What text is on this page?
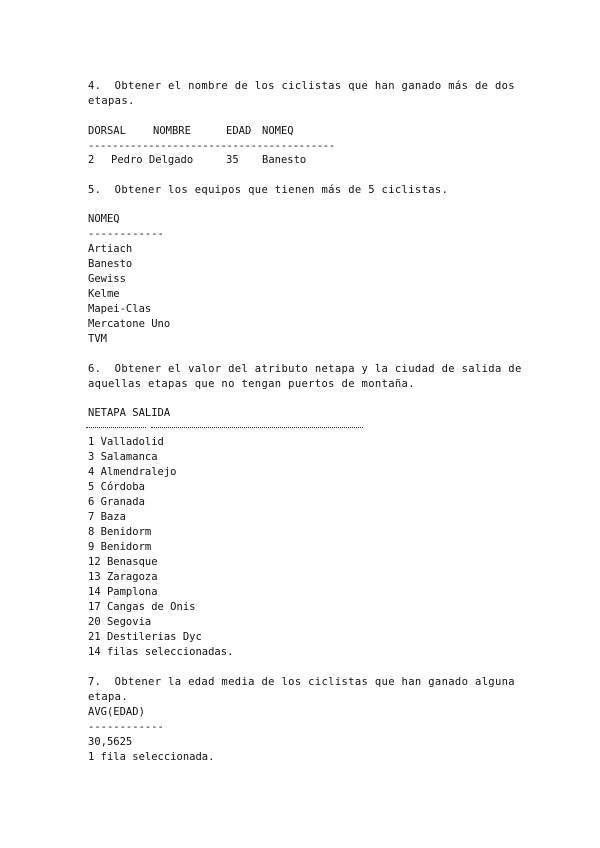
4.  Obtener el nombre de los ciclistas que han ganado más de dos
etapas.
DORSAL	NOMBRE	EDAD NOMEQ
-----------------------------------------
2 Pedro Delgado	35 Banesto
5.  Obtener los equipos que tienen más de 5 ciclistas.
NOMEQ
------------
Artiach
Banesto
Gewiss
Kelme
Mapei-Clas
Mercatone Uno
TVM
6.  Obtener el valor del atributo netapa y la ciudad de salida de
aquellas etapas que no tengan puertos de montaña.
NETAPA SALIDA
1 Valladolid
3 Salamanca
4 Almendralejo
5 Córdoba
6 Granada
7 Baza
8 Benidorm
9 Benidorm
12 Benasque
13 Zaragoza
14 Pamplona
17 Cangas de Onis
20 Segovia
21 Destilerias Dyc
14 filas seleccionadas.
7.  Obtener la edad media de los ciclistas que han ganado alguna
etapa.
AVG(EDAD)
------------
30,5625
1 fila seleccionada.
